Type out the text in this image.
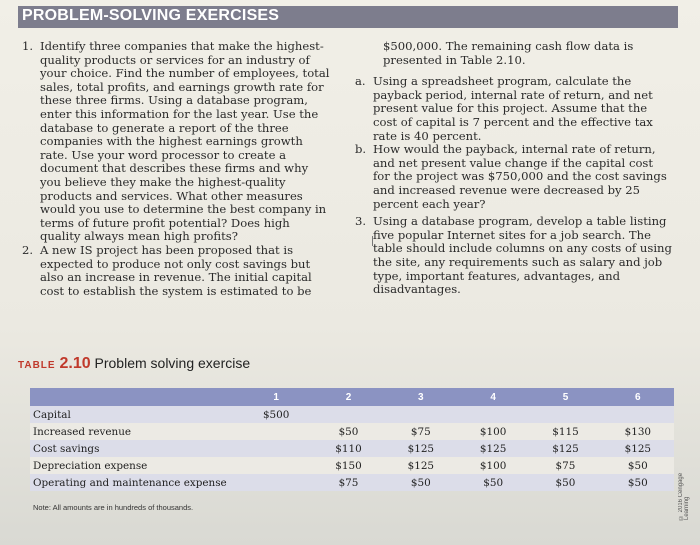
PROBLEM-SOLVING EXERCISES
1. Identify three companies that make the highest-quality products or services for an industry of your choice. Find the number of employees, total sales, total profits, and earnings growth rate for these three firms. Using a database program, enter this information for the last year. Use the database to generate a report of the three companies with the highest earnings growth rate. Use your word processor to create a document that describes these firms and why you believe they make the highest-quality products and services. What other measures would you use to determine the best company in terms of future profit potential? Does high quality always mean high profits?
2. A new IS project has been proposed that is expected to produce not only cost savings but also an increase in revenue. The initial capital cost to establish the system is estimated to be
$500,000. The remaining cash flow data is presented in Table 2.10.
a. Using a spreadsheet program, calculate the payback period, internal rate of return, and net present value for this project. Assume that the cost of capital is 7 percent and the effective tax rate is 40 percent.
b. How would the payback, internal rate of return, and net present value change if the capital cost for the project was $750,000 and the cost savings and increased revenue were decreased by 25 percent each year?
3. Using a database program, develop a table listing five popular Internet sites for a job search. The table should include columns on any costs of using the site, any requirements such as salary and job type, important features, advantages, and disadvantages.
TABLE 2.10 Problem solving exercise
	1	2	3	4	5	6
Capital	$500					
Increased revenue		$50	$75	$100	$115	$130
Cost savings		$110	$125	$125	$125	$125
Depreciation expense		$150	$125	$100	$75	$50
Operating and maintenance expense		$75	$50	$50	$50	$50
Note: All amounts are in hundreds of thousands.	© 2016 Cengage Learning
